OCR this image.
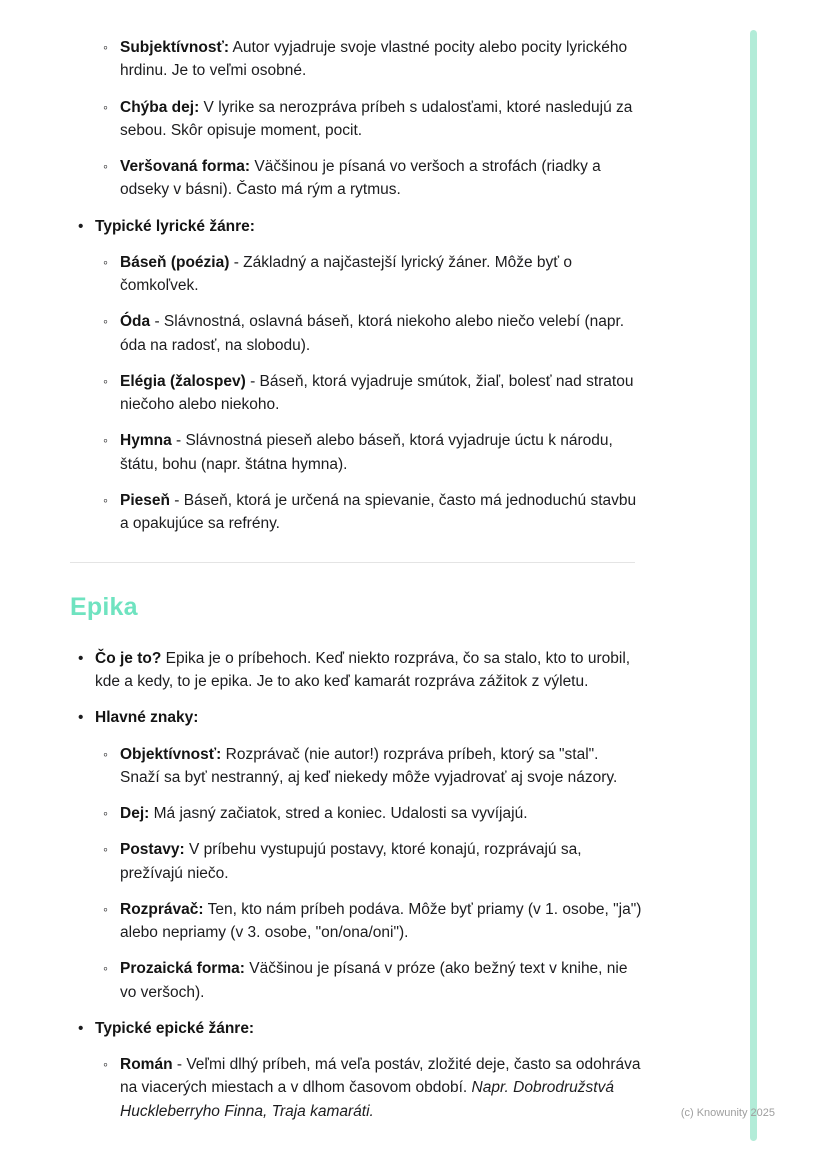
◦ Subjektívnosť: Autor vyjadruje svoje vlastné pocity alebo pocity lyrického hrdinu. Je to veľmi osobné.
◦ Chýba dej: V lyrike sa nerozpráva príbeh s udalosťami, ktoré nasledujú za sebou. Skôr opisuje moment, pocit.
◦ Veršovaná forma: Väčšinou je písaná vo veršoch a strofách (riadky a odseky v básni). Často má rým a rytmus.
• Typické lyrické žánre:
◦ Báseň (poézia) - Základný a najčastejší lyrický žáner. Môže byť o čomkoľvek.
◦ Óda - Slávnostná, oslavná báseň, ktorá niekoho alebo niečo velebí (napr. óda na radosť, na slobodu).
◦ Elégia (žalospev) - Báseň, ktorá vyjadruje smútok, žiaľ, bolesť nad stratou niečoho alebo niekoho.
◦ Hymna - Slávnostná pieseň alebo báseň, ktorá vyjadruje úctu k národu, štátu, bohu (napr. štátna hymna).
◦ Pieseň - Báseň, ktorá je určená na spievanie, často má jednoduchú stavbu a opakujúce sa refrény.
Epika
• Čo je to? Epika je o príbehoch. Keď niekto rozpráva, čo sa stalo, kto to urobil, kde a kedy, to je epika. Je to ako keď kamarát rozpráva zážitok z výletu.
• Hlavné znaky:
◦ Objektívnosť: Rozprávač (nie autor!) rozpráva príbeh, ktorý sa "stal". Snaží sa byť nestranný, aj keď niekedy môže vyjadrovať aj svoje názory.
◦ Dej: Má jasný začiatok, stred a koniec. Udalosti sa vyvíjajú.
◦ Postavy: V príbehu vystupujú postavy, ktoré konajú, rozprávajú sa, prežívajú niečo.
◦ Rozprávač: Ten, kto nám príbeh podáva. Môže byť priamy (v 1. osobe, "ja") alebo nepriamy (v 3. osobe, "on/ona/oni").
◦ Prozaická forma: Väčšinou je písaná v próze (ako bežný text v knihe, nie vo veršoch).
• Typické epické žánre:
◦ Román - Veľmi dlhý príbeh, má veľa postáv, zložité deje, často sa odohráva na viacerých miestach a v dlhom časovom období. Napr. Dobrodružstvá Huckleberryho Finna, Traja kamaráti.	(c) Knowunity 2025
